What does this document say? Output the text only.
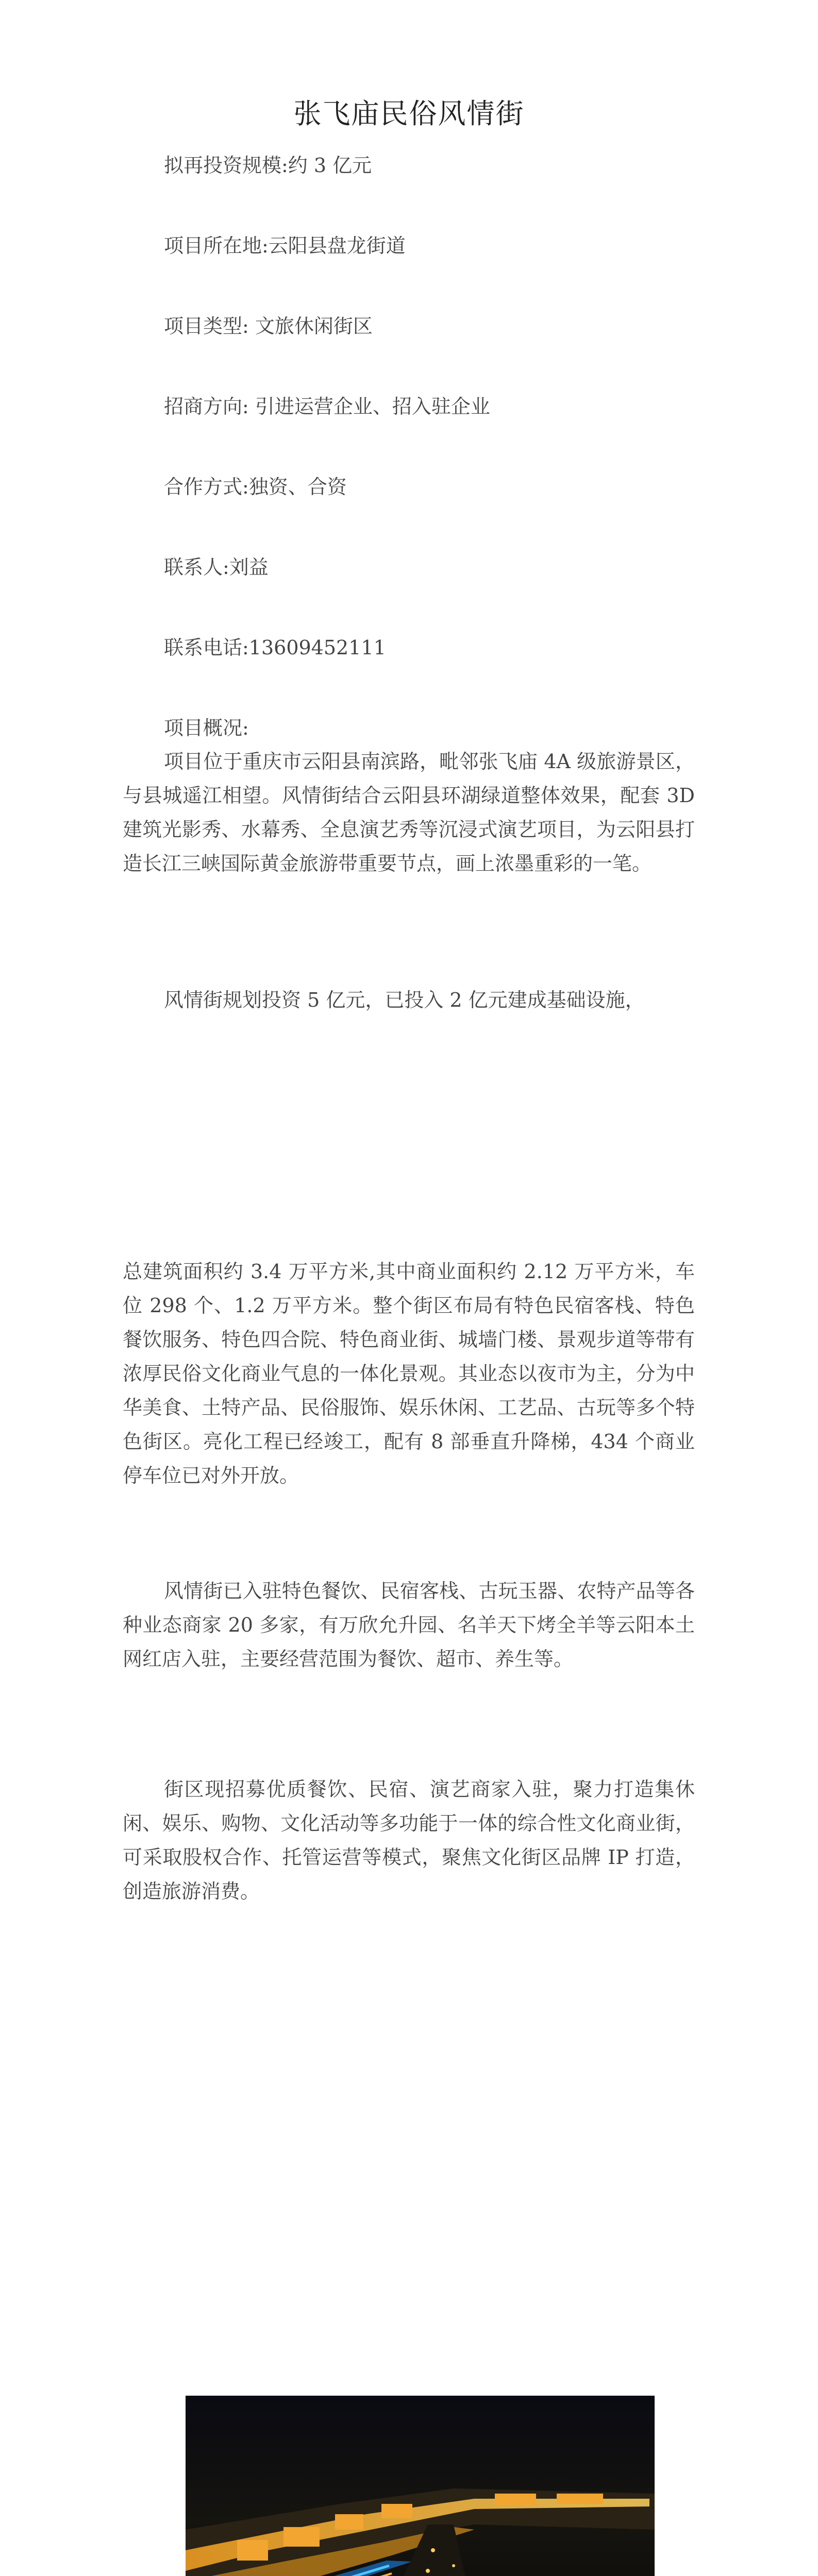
张飞庙民俗风情街
拟再投资规模:约 3 亿元
项目所在地:云阳县盘龙街道
项目类型: 文旅休闲街区
招商方向: 引进运营企业、招入驻企业
合作方式:独资、合资
联系人:刘益
联系电话:13609452111
项目概况:
项目位于重庆市云阳县南滨路，毗邻张飞庙 4A 级旅游景区，与县城遥江相望。风情街结合云阳县环湖绿道整体效果，配套 3D 建筑光影秀、水幕秀、全息演艺秀等沉浸式演艺项目，为云阳县打造长江三峡国际黄金旅游带重要节点，画上浓墨重彩的一笔。
风情街规划投资 5 亿元，已投入 2 亿元建成基础设施，
总建筑面积约 3.4 万平方米,其中商业面积约 2.12 万平方米，车位 298 个、1.2 万平方米。整个街区布局有特色民宿客栈、特色餐饮服务、特色四合院、特色商业街、城墙门楼、景观步道等带有浓厚民俗文化商业气息的一体化景观。其业态以夜市为主，分为中华美食、土特产品、民俗服饰、娱乐休闲、工艺品、古玩等多个特色街区。亮化工程已经竣工，配有 8 部垂直升降梯，434 个商业停车位已对外开放。
风情街已入驻特色餐饮、民宿客栈、古玩玉器、农特产品等各种业态商家 20 多家，有万欣允升园、名羊天下烤全羊等云阳本土网红店入驻，主要经营范围为餐饮、超市、养生等。
街区现招募优质餐饮、民宿、演艺商家入驻，聚力打造集休闲、娱乐、购物、文化活动等多功能于一体的综合性文化商业街，可采取股权合作、托管运营等模式，聚焦文化街区品牌 IP 打造，创造旅游消费。
